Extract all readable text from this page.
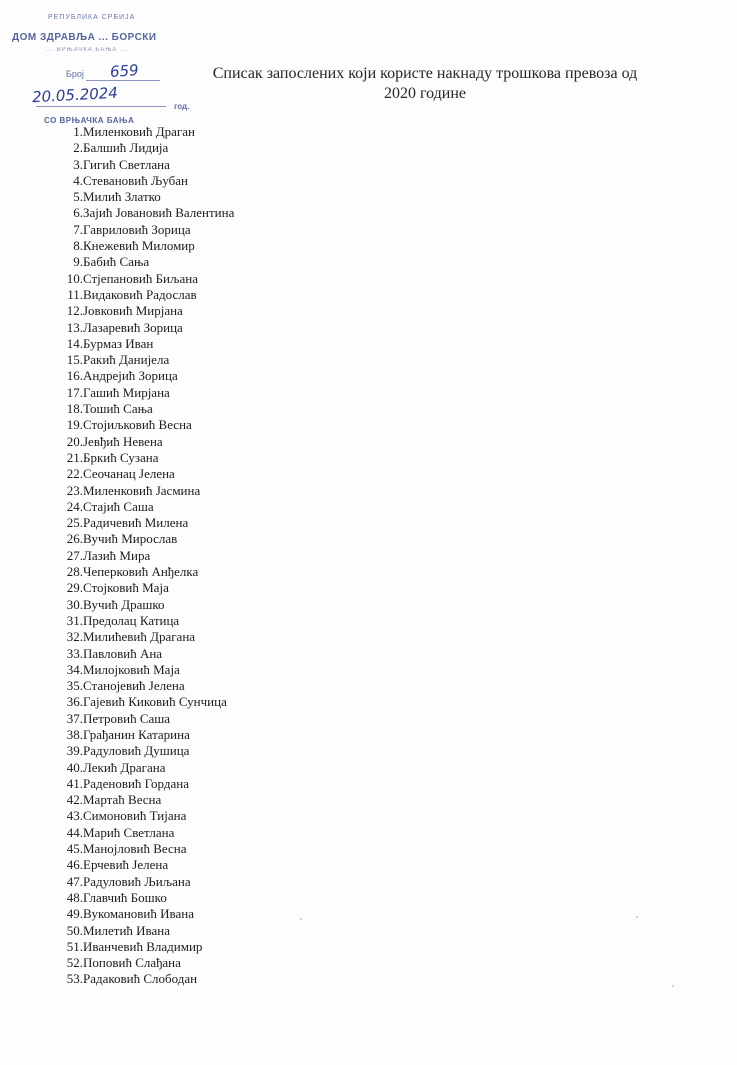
РЕПУБЛИКА СРБИЈА
ДОМ ЗДРАВЉА ... БОРСКИ
... ВРЊАЧКА БАЊА ...
Број 659
20.05.2024
год.
СО ВРЊАЧКА БАЊА
Списак запослених који користе накнаду трошкова превоза од
2020 године
1.Миленковић Драган
2.Балшић Лидија
3.Гигић Светлана
4.Стевановић Љубан
5.Милић Златко
6.Зајић Јовановић Валентина
7.Гавриловић Зорица
8.Кнежевић Миломир
9.Бабић Сања
10.Стјепановић Биљана
11.Видаковић Радослав
12.Јовковић Мирјана
13.Лазаревић Зорица
14.Бурмаз Иван
15.Ракић Данијела
16.Андрејић Зорица
17.Гашић Мирјана
18.Тошић Сања
19.Стојиљковић Весна
20.Јевђић Невена
21.Бркић Сузана
22.Сеочанац Јелена
23.Миленковић Јасмина
24.Стајић Саша
25.Радичевић Милена
26.Вучић Мирослав
27.Лазић Мира
28.Чеперковић Анђелка
29.Стојковић Маја
30.Вучић Драшко
31.Предолац Катица
32.Милићевић Драгана
33.Павловић Ана
34.Милојковић Маја
35.Станојевић Јелена
36.Гајевић Киковић Сунчица
37.Петровић Саша
38.Грађанин Катарина
39.Радуловић Душица
40.Лекић Драгана
41.Раденовић Гордана
42.Мартаћ Весна
43.Симоновић Тијана
44.Марић Светлана
45.Манојловић Весна
46.Ерчевић Јелена
47.Радуловић Љиљана
48.Главчић Бошко
49.Вукомановић Ивана
50.Милетић Ивана
51.Иванчевић Владимир
52.Поповић Слађана
53.Радаковић Слободан
